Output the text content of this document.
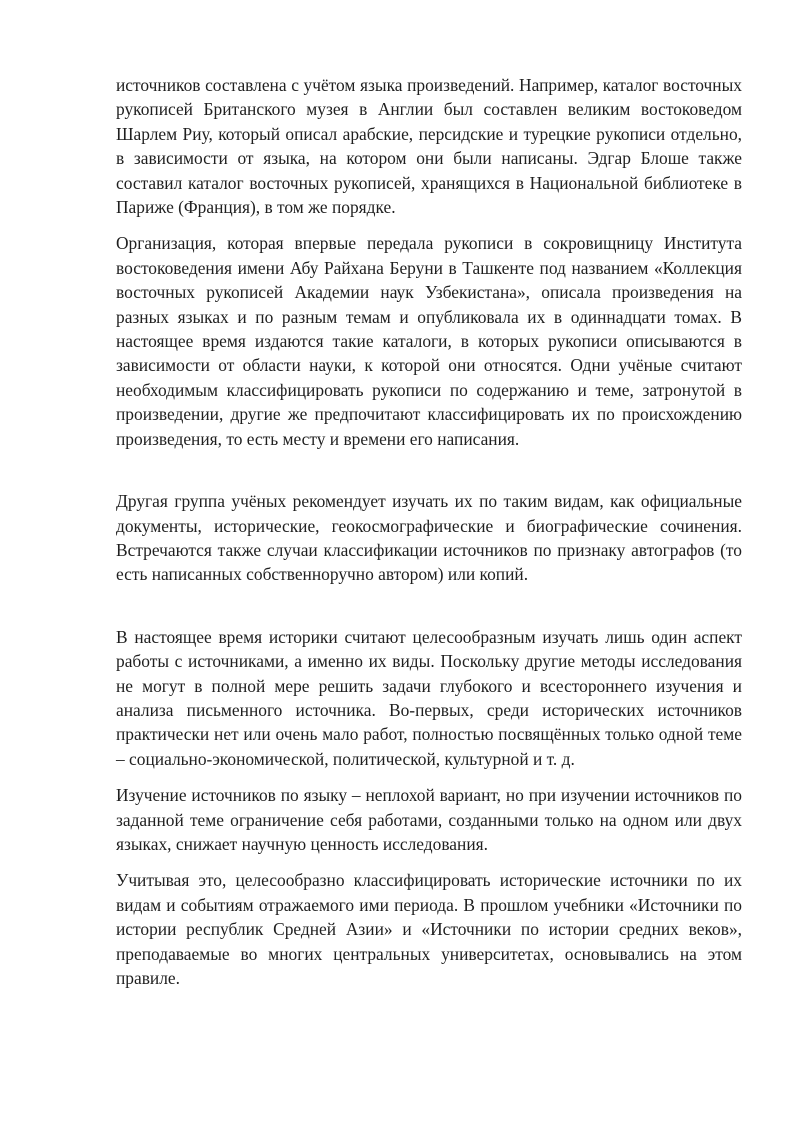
источников составлена с учётом языка произведений. Например, каталог восточных рукописей Британского музея в Англии был составлен великим востоковедом Шарлем Риу, который описал арабские, персидские и турецкие рукописи отдельно, в зависимости от языка, на котором они были написаны. Эдгар Блоше также составил каталог восточных рукописей, хранящихся в Национальной библиотеке в Париже (Франция), в том же порядке.

Организация, которая впервые передала рукописи в сокровищницу Института востоковедения имени Абу Райхана Беруни в Ташкенте под названием «Коллекция восточных рукописей Академии наук Узбекистана», описала произведения на разных языках и по разным темам и опубликовала их в одиннадцати томах. В настоящее время издаются такие каталоги, в которых рукописи описываются в зависимости от области науки, к которой они относятся. Одни учёные считают необходимым классифицировать рукописи по содержанию и теме, затронутой в произведении, другие же предпочитают классифицировать их по происхождению произведения, то есть месту и времени его написания.

Другая группа учёных рекомендует изучать их по таким видам, как официальные документы, исторические, геокосмографические и биографические сочинения. Встречаются также случаи классификации источников по признаку автографов (то есть написанных собственноручно автором) или копий.

В настоящее время историки считают целесообразным изучать лишь один аспект работы с источниками, а именно их виды. Поскольку другие методы исследования не могут в полной мере решить задачи глубокого и всестороннего изучения и анализа письменного источника. Во-первых, среди исторических источников практически нет или очень мало работ, полностью посвящённых только одной теме – социально-экономической, политической, культурной и т. д.

Изучение источников по языку – неплохой вариант, но при изучении источников по заданной теме ограничение себя работами, созданными только на одном или двух языках, снижает научную ценность исследования.

Учитывая это, целесообразно классифицировать исторические источники по их видам и событиям отражаемого ими периода. В прошлом учебники «Источники по истории республик Средней Азии» и «Источники по истории средних веков», преподаваемые во многих центральных университетах, основывались на этом правиле.
